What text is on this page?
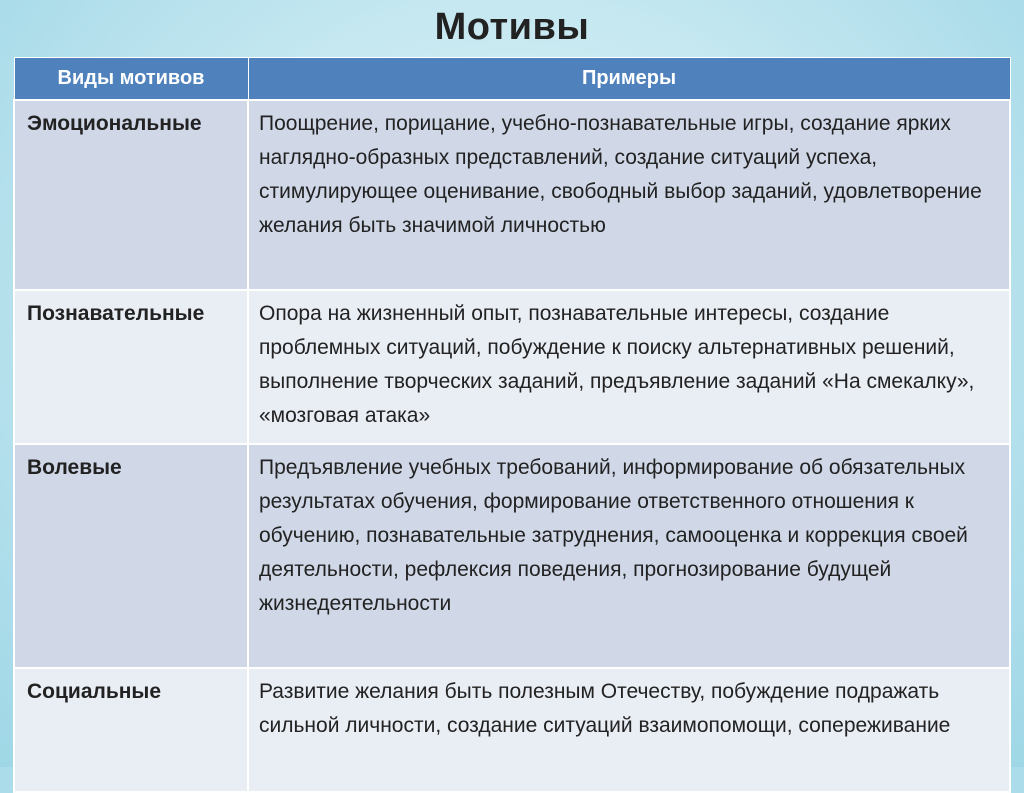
Мотивы
Виды мотивов	Примеры
Эмоциональные	Поощрение, порицание, учебно-познавательные игры, создание ярких наглядно-образных представлений, создание ситуаций успеха, стимулирующее оценивание, свободный выбор заданий, удовлетворение желания быть значимой личностью
Познавательные	Опора на жизненный опыт, познавательные интересы, создание проблемных ситуаций, побуждение к поиску альтернативных решений, выполнение творческих заданий, предъявление заданий «На смекалку», «мозговая атака»
Волевые	Предъявление учебных требований, информирование об обязательных результатах обучения, формирование ответственного отношения к обучению, познавательные затруднения, самооценка и коррекция своей деятельности, рефлексия поведения, прогнозирование будущей жизнедеятельности
Социальные	Развитие желания быть полезным Отечеству, побуждение подражать сильной личности, создание ситуаций взаимопомощи, сопереживание
